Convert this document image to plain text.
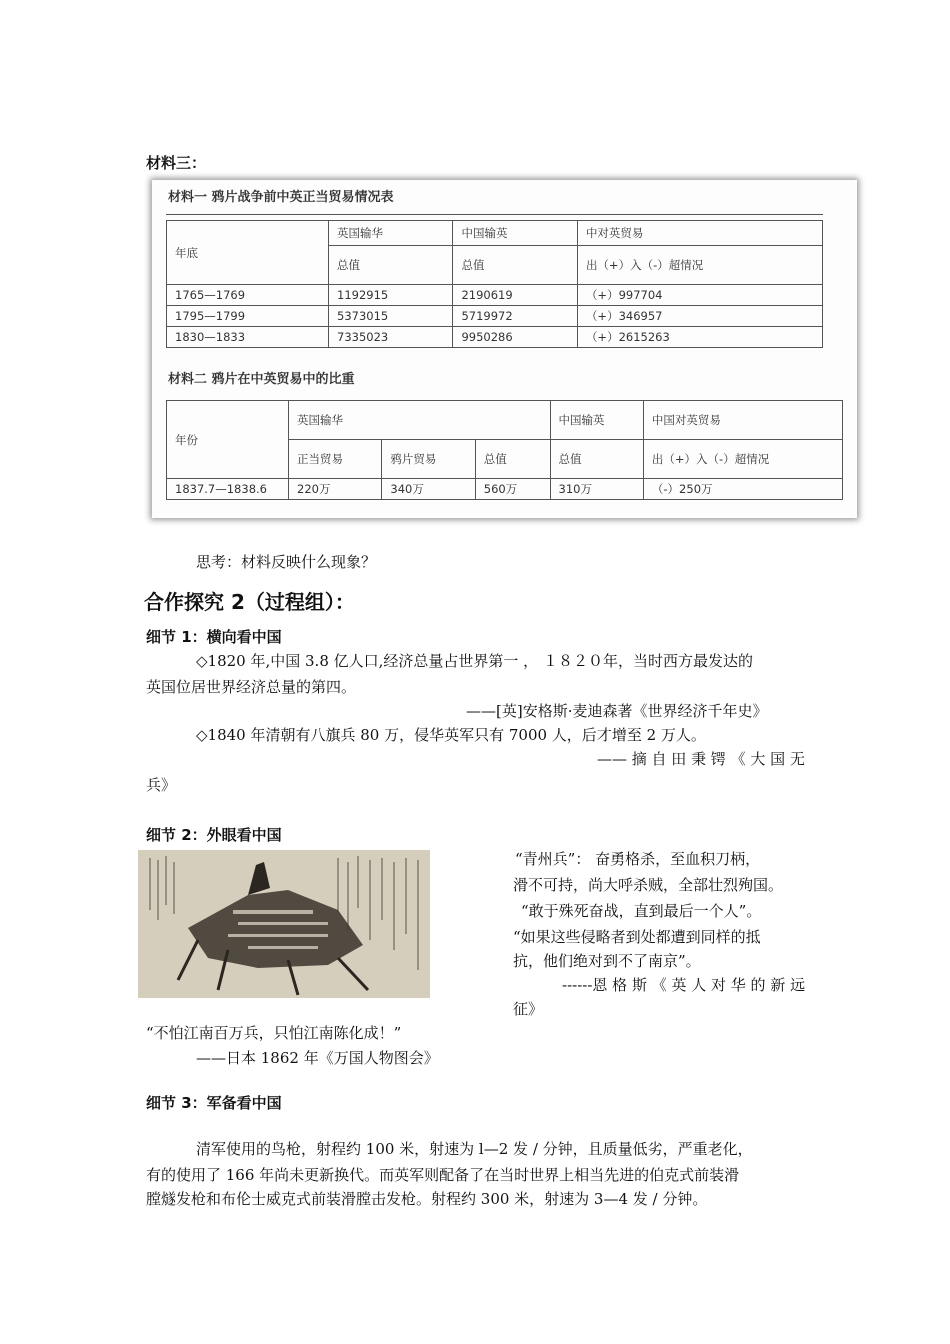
材料三：
材料一 鸦片战争前中英正当贸易情况表
年底	英国输华	中国输英	中对英贸易
	总值	总值	出（+）入（-）超情况
1765—1769	1192915	2190619	（+）997704
1795—1799	5373015	5719972	（+）346957
1830—1833	7335023	9950286	（+）2615263
材料二 鸦片在中英贸易中的比重
年份	英国输华			中国输英	中国对英贸易
	正当贸易	鸦片贸易	总值	总值	出（+）入（-）超情况
1837.7—1838.6	220万	340万	560万	310万	（-）250万
思考：材料反映什么现象？
合作探究 2（过程组）：
细节 1：横向看中国
◇1820 年,中国 3.8 亿人口,经济总量占世界第一 ， １８２０年，当时西方最发达的
英国位居世界经济总量的第四。
——[英]安格斯·麦迪森著《世界经济千年史》
◇1840 年清朝有八旗兵 80 万，侵华英军只有 7000 人，后才增至 2 万人。
—— 摘 自 田 秉 锷 《 大 国 无
兵》
细节 2：外眼看中国
“青州兵”： 奋勇格杀，至血积刀柄，
滑不可持，尚大呼杀贼，全部壮烈殉国。
“敢于殊死奋战，直到最后一个人”。
“如果这些侵略者到处都遭到同样的抵
抗，他们绝对到不了南京”。
------恩 格 斯 《 英 人 对 华 的 新 远
征》
“不怕江南百万兵，只怕江南陈化成！”
——日本 1862 年《万国人物图会》
细节 3：军备看中国
清军使用的鸟枪，射程约 100 米，射速为 l—2 发 / 分钟，且质量低劣，严重老化，
有的使用了 166 年尚未更新换代。而英军则配备了在当时世界上相当先进的伯克式前装滑
膛燧发枪和布伦士威克式前装滑膛击发枪。射程约 300 米，射速为 3—4 发 / 分钟。
